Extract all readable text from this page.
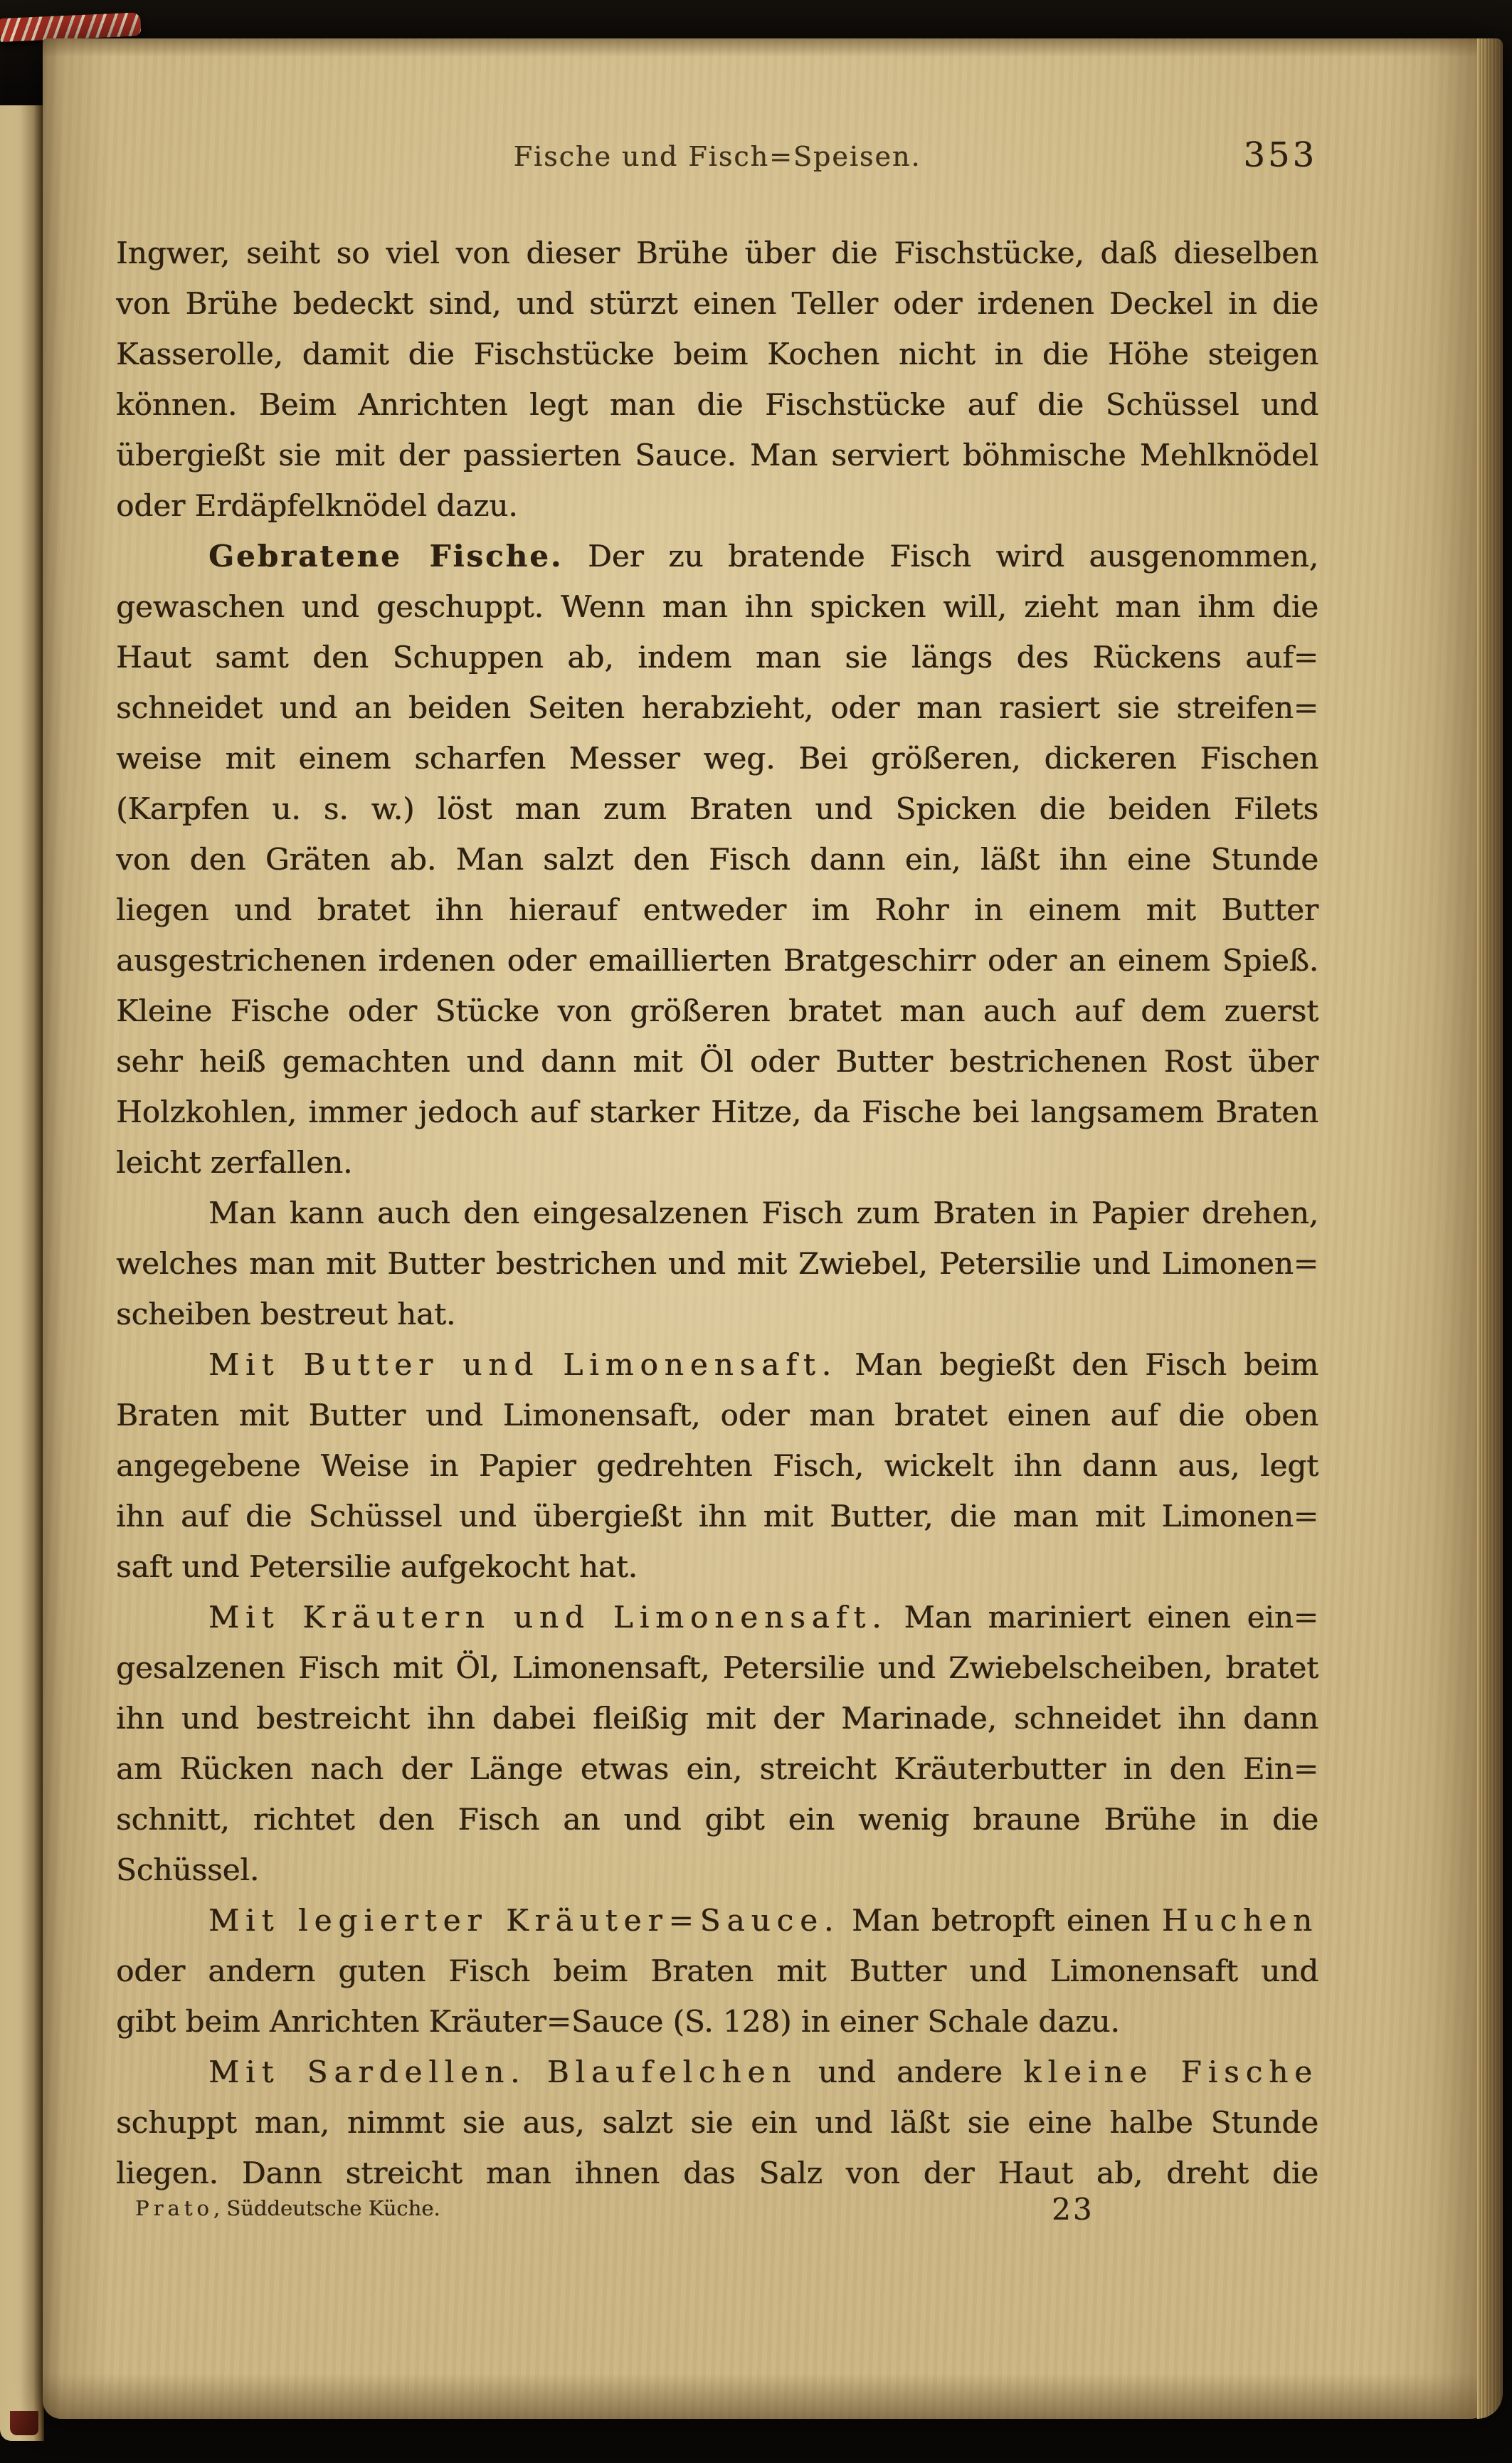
Fische und Fisch=Speisen.	353
Ingwer, seiht so viel von dieser Brühe über die Fischstücke, daß dieselben
von Brühe bedeckt sind, und stürzt einen Teller oder irdenen Deckel in die
Kasserolle, damit die Fischstücke beim Kochen nicht in die Höhe steigen
können. Beim Anrichten legt man die Fischstücke auf die Schüssel und
übergießt sie mit der passierten Sauce. Man serviert böhmische Mehlknödel
oder Erdäpfelknödel dazu.
Gebratene Fische. Der zu bratende Fisch wird ausgenommen,
gewaschen und geschuppt. Wenn man ihn spicken will, zieht man ihm die
Haut samt den Schuppen ab, indem man sie längs des Rückens auf=
schneidet und an beiden Seiten herabzieht, oder man rasiert sie streifen=
weise mit einem scharfen Messer weg. Bei größeren, dickeren Fischen
(Karpfen u. s. w.) löst man zum Braten und Spicken die beiden Filets
von den Gräten ab. Man salzt den Fisch dann ein, läßt ihn eine Stunde
liegen und bratet ihn hierauf entweder im Rohr in einem mit Butter
ausgestrichenen irdenen oder emaillierten Bratgeschirr oder an einem Spieß.
Kleine Fische oder Stücke von größeren bratet man auch auf dem zuerst
sehr heiß gemachten und dann mit Öl oder Butter bestrichenen Rost über
Holzkohlen, immer jedoch auf starker Hitze, da Fische bei langsamem Braten
leicht zerfallen.
Man kann auch den eingesalzenen Fisch zum Braten in Papier drehen,
welches man mit Butter bestrichen und mit Zwiebel, Petersilie und Limonen=
scheiben bestreut hat.
Mit Butter und Limonensaft. Man begießt den Fisch beim
Braten mit Butter und Limonensaft, oder man bratet einen auf die oben
angegebene Weise in Papier gedrehten Fisch, wickelt ihn dann aus, legt
ihn auf die Schüssel und übergießt ihn mit Butter, die man mit Limonen=
saft und Petersilie aufgekocht hat.
Mit Kräutern und Limonensaft. Man mariniert einen ein=
gesalzenen Fisch mit Öl, Limonensaft, Petersilie und Zwiebelscheiben, bratet
ihn und bestreicht ihn dabei fleißig mit der Marinade, schneidet ihn dann
am Rücken nach der Länge etwas ein, streicht Kräuterbutter in den Ein=
schnitt, richtet den Fisch an und gibt ein wenig braune Brühe in die
Schüssel.
Mit legierter Kräuter=Sauce. Man betropft einen Huchen
oder andern guten Fisch beim Braten mit Butter und Limonensaft und
gibt beim Anrichten Kräuter=Sauce (S. 128) in einer Schale dazu.
Mit Sardellen. Blaufelchen und andere kleine Fische
schuppt man, nimmt sie aus, salzt sie ein und läßt sie eine halbe Stunde
liegen. Dann streicht man ihnen das Salz von der Haut ab, dreht die
Prato, Süddeutsche Küche.	23
